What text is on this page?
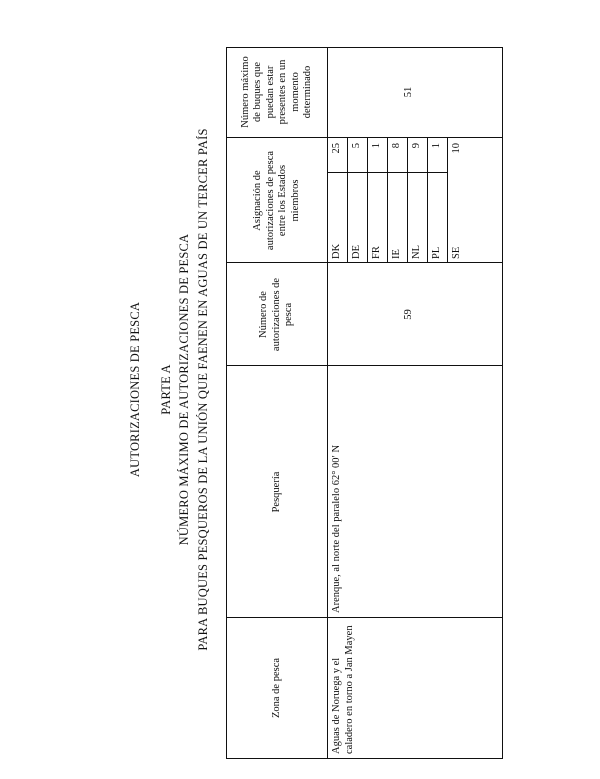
AUTORIZACIONES DE PESCA PARTE A NÚMERO MÁXIMO DE AUTORIZACIONES DE PESCA PARA BUQUES PESQUEROS DE LA UNIÓN QUE FAENEN EN AGUAS DE UN TERCER PAÍS
Zona de pesca
Pesquería
Número de autorizaciones de pesca
Asignación de autorizaciones de pesca entre los Estados miembros
Número máximo de buques que puedan estar presentes en un momento determinado
Aguas de Noruega y el caladero en torno a Jan Mayen
Arenque, al norte del paralelo 62° 00′ N
59
51
DK
25
DE
5
FR
1
IE
8
NL
9
PL
1
SE
10
